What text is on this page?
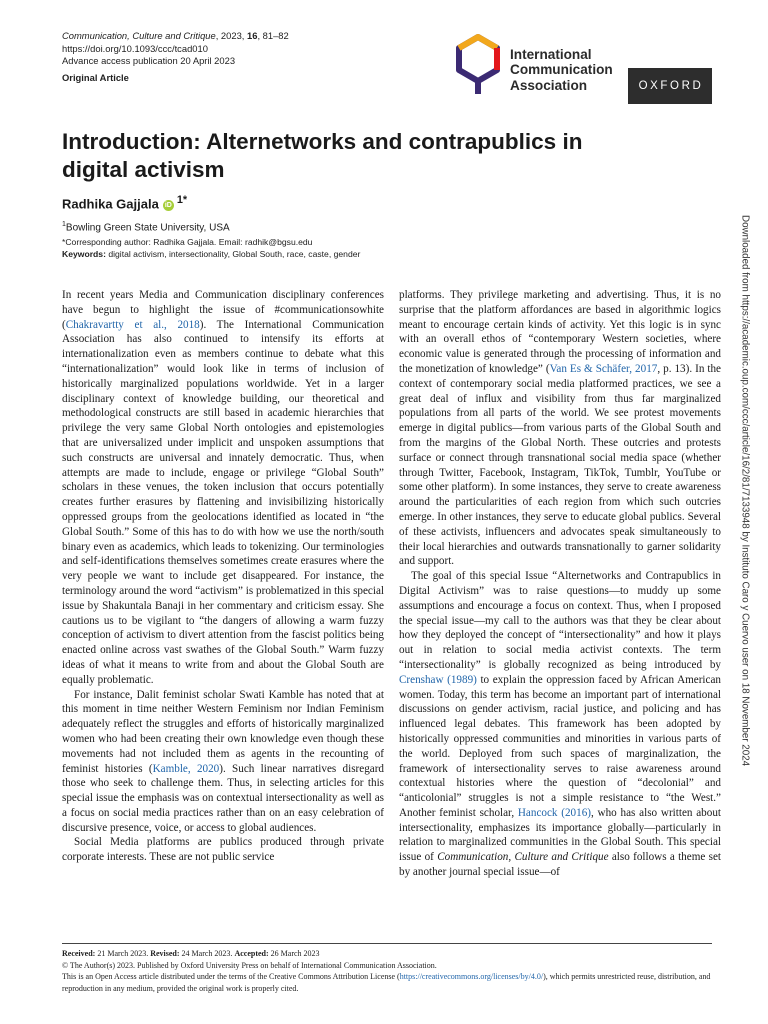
Communication, Culture and Critique, 2023, 16, 81–82
https://doi.org/10.1093/ccc/tcad010
Advance access publication 20 April 2023
Original Article
International
Communication
Association	OXFORD
Introduction: Alternetworks and contrapublics in digital activism
Radhika Gajjala iD $^{1*}$
$^1$Bowling Green State University, USA
*Corresponding author: Radhika Gajjala. Email: radhik@bgsu.edu
Keywords: digital activism, intersectionality, Global South, race, caste, gender

In recent years Media and Communication disciplinary conferences have begun to highlight the issue of #communicationsowhite (Chakravartty et al., 2018). The International Communication Association has also continued to intensify its efforts at internationalization even as members continue to debate what this “internationalization” would look like in terms of inclusion of historically marginalized populations worldwide. Yet in a larger disciplinary context of knowledge building, our theoretical and methodological constructs are still based in academic hierarchies that privilege the very same Global North ontologies and epistemologies that are universalized under implicit and unspoken assumptions that such constructs are universal and innately democratic. Thus, when attempts are made to include, engage or privilege “Global South” scholars in these venues, the token inclusion that occurs potentially creates further erasures by flattening and invisibilizing historically oppressed groups from the geolocations identified as located in “the Global South.” Some of this has to do with how we use the north/south binary even as academics, which leads to tokenizing. Our terminologies and self-identifications themselves sometimes create erasures where the very people we want to include get disappeared. For instance, the terminology around the word “activism” is problematized in this special issue by Shakuntala Banaji in her commentary and criticism essay. She cautions us to be vigilant to “the dangers of allowing a warm fuzzy conception of activism to divert attention from the fascist politics being enacted online across vast swathes of the Global South.” Warm fuzzy ideas of what it means to write from and about the Global South are equally problematic.

For instance, Dalit feminist scholar Swati Kamble has noted that at this moment in time neither Western Feminism nor Indian Feminism adequately reflect the struggles and efforts of historically marginalized women who had been creating their own knowledge even though these movements had not included them as agents in the recounting of feminist histories (Kamble, 2020). Such linear narratives disregard those who seek to challenge them. Thus, in selecting articles for this special issue the emphasis was on contextual intersectionality as well as a focus on social media practices rather than on an easy celebration of discursive presence, voice, or access to global audiences.

Social Media platforms are publics produced through private corporate interests. These are not public service

platforms. They privilege marketing and advertising. Thus, it is no surprise that the platform affordances are based in algorithmic logics meant to encourage certain kinds of activity. Yet this logic is in sync with an overall ethos of “contemporary Western societies, where economic value is generated through the processing of information and the monetization of knowledge” (Van Es & Schäfer, 2017, p. 13). In the context of contemporary social media platformed practices, we see a great deal of influx and visibility from thus far marginalized populations from all parts of the world. We see protest movements emerge in digital publics—from various parts of the Global South and from the margins of the Global North. These outcries and protests surface or connect through transnational social media space (whether through Twitter, Facebook, Instagram, TikTok, Tumblr, YouTube or some other platform). In some instances, they serve to create awareness around the particularities of each region from which such outcries emerge. In other instances, they serve to educate global publics. Several of these activists, influencers and advocates speak simultaneously to their local hierarchies and outwards transnationally to garner solidarity and support.

The goal of this special Issue “Alternetworks and Contrapublics in Digital Activism” was to raise questions—to muddy up some assumptions and encourage a focus on context. Thus, when I proposed the special issue—my call to the authors was that they be clear about how they deployed the concept of “intersectionality” and how it plays out in relation to social media activist contexts. The term “intersectionality” is globally recognized as being introduced by Crenshaw (1989) to explain the oppression faced by African American women. Today, this term has become an important part of international discussions on gender activism, racial justice, and policing and has influenced legal debates. This framework has been adopted by historically oppressed communities and minorities in various parts of the world. Deployed from such spaces of marginalization, the framework of intersectionality serves to raise awareness around contextual histories where the question of “decolonial” and “anticolonial” struggles is not a simple resistance to “the West.” Another feminist scholar, Hancock (2016), who has also written about intersectionality, emphasizes its importance globally—particularly in relation to marginalized communities in the Global South. This special issue of Communication, Culture and Critique also follows a theme set by another journal special issue—of

Received: 21 March 2023. Revised: 24 March 2023. Accepted: 26 March 2023
© The Author(s) 2023. Published by Oxford University Press on behalf of International Communication Association.
This is an Open Access article distributed under the terms of the Creative Commons Attribution License (https://creativecommons.org/licenses/by/4.0/), which permits unrestricted reuse, distribution, and reproduction in any medium, provided the original work is properly cited.
Downloaded from https://academic.oup.com/ccc/article/16/2/81/7133948 by Instituto Caro y Cuervo user on 18 November 2024
